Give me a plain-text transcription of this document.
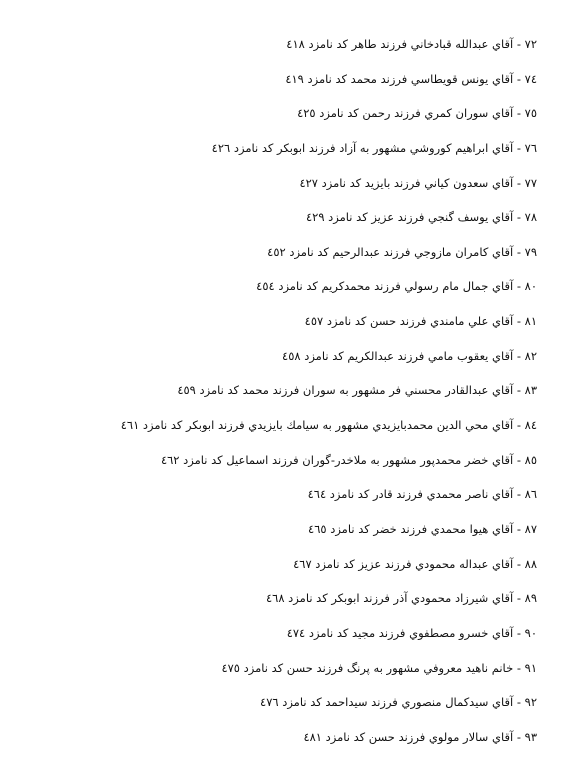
٧٢ - آقاي عبدالله قبادخاني فرزند طاهر كد نامزد ٤١٨
٧٤ - آقاي يونس قويطاسي فرزند محمد كد نامزد ٤١٩
٧٥ - آقاي سوران كمري فرزند رحمن كد نامزد ٤٢٥
٧٦ - آقاي ابراهيم كوروشي مشهور به آزاد فرزند ابوبكر كد نامزد ٤٢٦
٧٧ - آقاي سعدون كياني فرزند بايزيد كد نامزد ٤٢٧
٧٨ - آقاي يوسف گنجي فرزند عزيز كد نامزد ٤٢٩
٧٩ - آقاي كامران مازوجي فرزند عبدالرحيم كد نامزد ٤٥٢
٨٠ - آقاي جمال مام رسولي فرزند محمدكريم كد نامزد ٤٥٤
٨١ - آقاي علي مامندي فرزند حسن كد نامزد ٤٥٧
٨٢ - آقاي يعقوب مامي فرزند عبدالكريم كد نامزد ٤٥٨
٨٣ - آقاي عبدالقادر محسني فر مشهور به سوران فرزند محمد كد نامزد ٤٥٩
٨٤ - آقاي محي الدين محمدبايزيدي مشهور به سيامك بايزيدي فرزند ابوبكر كد نامزد ٤٦١
٨٥ - آقاي خضر محمدپور مشهور به ملاخدر-گوران فرزند اسماعيل كد نامزد ٤٦٢
٨٦ - آقاي ناصر محمدي فرزند قادر كد نامزد ٤٦٤
٨٧ - آقاي هيوا محمدي فرزند خضر كد نامزد ٤٦٥
٨٨ - آقاي عبداله محمودي فرزند عزيز كد نامزد ٤٦٧
٨٩ - آقاي شيرزاد محمودي آذر فرزند ابوبكر كد نامزد ٤٦٨
٩٠ - آقاي خسرو مصطفوي فرزند مجيد كد نامزد ٤٧٤
٩١ - خانم ناهيد معروفي مشهور به پرنگ فرزند حسن كد نامزد ٤٧٥
٩٢ - آقاي سيدكمال منصوري فرزند سيداحمد كد نامزد ٤٧٦
٩٣ - آقاي سالار مولوي فرزند حسن كد نامزد ٤٨١
